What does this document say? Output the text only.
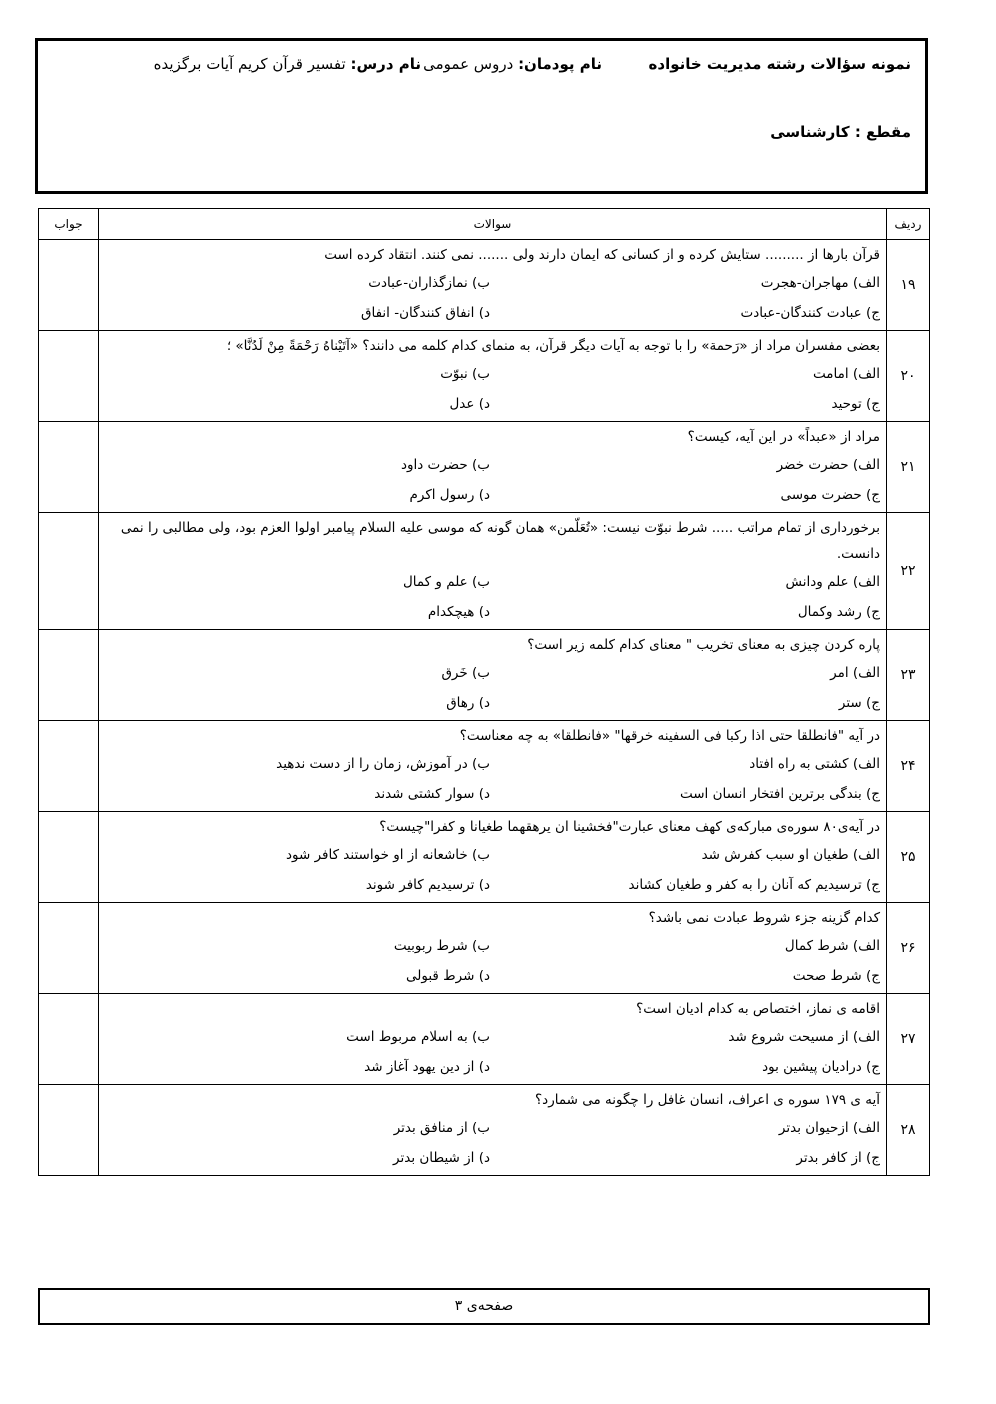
نمونه سؤالات رشته مدیریت خانواده
نام پودمان: دروس عمومی
نام درس: تفسیر قرآن کریم آیات برگزیده
مقطع : کارشناسی
ردیف	سوالات	جواب
۱۹	قرآن بارها از ......... ستایش کرده و از کسانی که ایمان دارند ولی ....... نمی کنند. انتقاد کرده است
الف) مهاجران-هجرت
ب) نمازگذاران-عبادت
ج) عبادت کنندگان-عبادت
د) انفاق کنندگان- انفاق	

۲۰	بعضی مفسران مراد از «رَحمة» را با توجه به آیات دیگر قرآن، به منمای کدام کلمه می دانند؟ «آتَیْناهُ رَحْمَةً مِنْ لَدُنَّا» ؛
الف) امامت
ب) نبوّت
ج) توحید
د) عدل	

۲۱	مراد از «عبداً» در این آیه، کیست؟
الف) حضرت خضر
ب) حضرت داود
ج) حضرت موسی
د) رسول اکرم	

۲۲	برخورداری از تمام مراتب ..... شرط نبوّت نیست: «تُعَلّمن» همان گونه که موسی علیه السلام پیامبر اولوا العزم بود، ولی مطالبی را نمی دانست.
الف) علم ودانش
ب) علم و کمال
ج) رشد وکمال
د) هیچکدام	

۲۳	پاره کردن چیزی به معنای تخریب " معنای کدام کلمه زیر است؟
الف) امر
ب) خَرق
ج) ستر
د) رهاق	

۲۴	در آیه "فانطلقا حتی اذا رکبا فی السفینه خرقها" «فانطلقا» به چه معناست؟
الف) کشتی به راه افتاد
ب) در آموزش، زمان را از دست ندهید
ج) بندگی برترین افتخار انسان است
د) سوار کشتی شدند	

۲۵	در آیه‌ی۸۰ سوره‌ی مبارکه‌ی کهف معنای عبارت"فخشینا ان یرهقهما طغیانا و کفرا"چیست؟
الف) طغیان او سبب کفرش شد
ب) خاشعانه از او خواستند کافر شود
ج) ترسیدیم که آنان را به کفر و طغیان کشاند
د) ترسیدیم کافر شوند	

۲۶	کدام گزینه جزء شروط عبادت نمی باشد؟
الف) شرط کمال
ب) شرط ربوبیت
ج) شرط صحت
د) شرط قبولی	

۲۷	اقامه ی نماز، اختصاص به کدام ادیان است؟
الف) از مسیحت شروع شد
ب) به اسلام مربوط است
ج) درادیان پیشین بود
د) از دین یهود آغاز شد	

۲۸	آیه ی ۱۷۹ سوره ی اعراف، انسان غافل را چگونه می شمارد؟
الف) ازحیوان بدتر
ب) از منافق بدتر
ج) از کافر بدتر
د) از شیطان بدتر	

صفحه‌ی ۳
